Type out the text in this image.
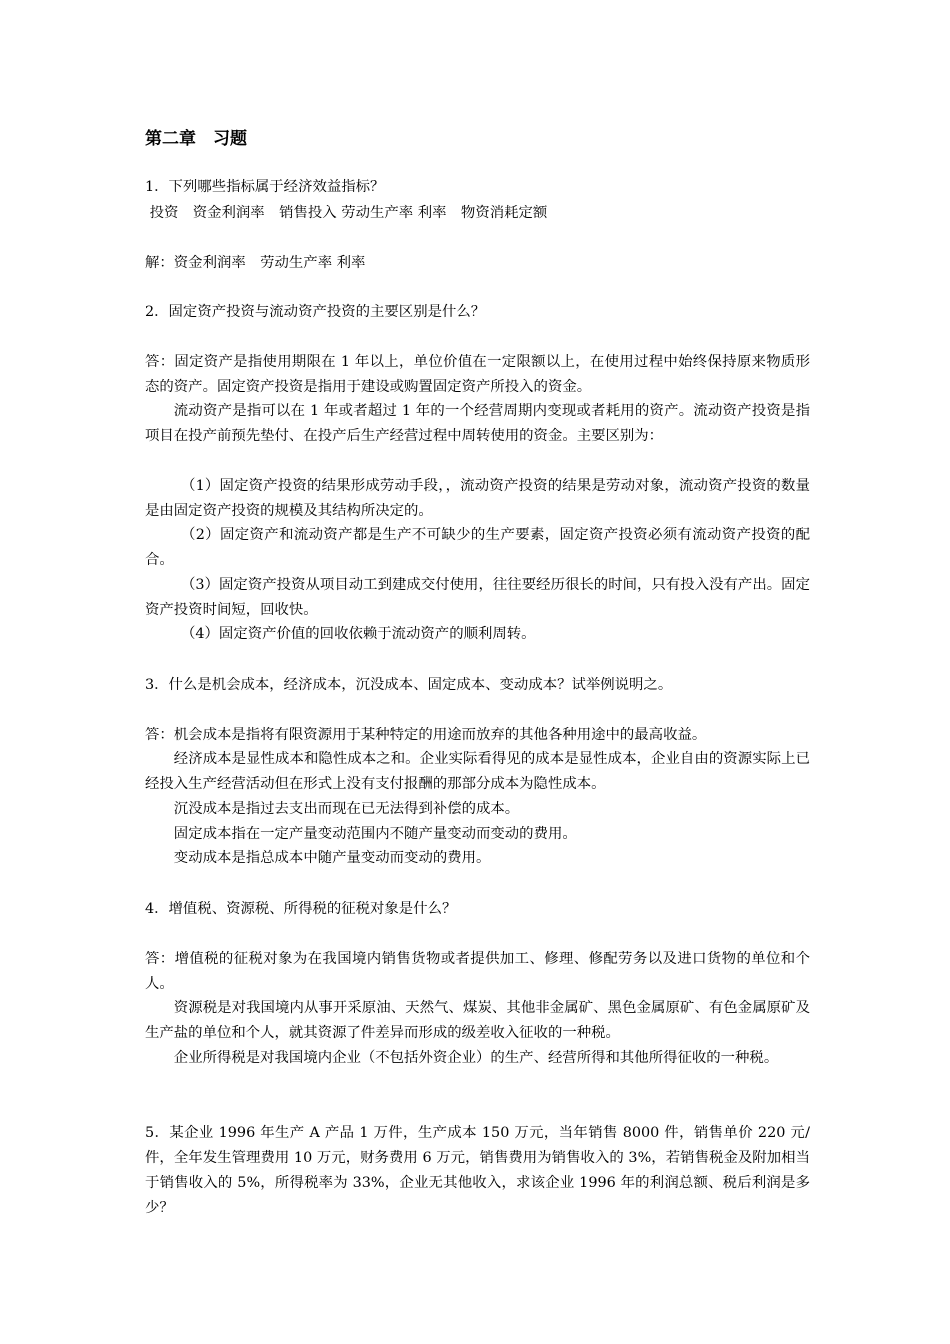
第二章　习题
1．下列哪些指标属于经济效益指标？
投资　资金利润率　销售投入 劳动生产率 利率　物资消耗定额
解：资金利润率　劳动生产率 利率
2．固定资产投资与流动资产投资的主要区别是什么？
答：固定资产是指使用期限在 1 年以上，单位价值在一定限额以上，在使用过程中始终保持原来物质形态的资产。固定资产投资是指用于建设或购置固定资产所投入的资金。
流动资产是指可以在 1 年或者超过 1 年的一个经营周期内变现或者耗用的资产。流动资产投资是指项目在投产前预先垫付、在投产后生产经营过程中周转使用的资金。主要区别为：
（1）固定资产投资的结果形成劳动手段，，流动资产投资的结果是劳动对象，流动资产投资的数量是由固定资产投资的规模及其结构所决定的。
（2）固定资产和流动资产都是生产不可缺少的生产要素，固定资产投资必须有流动资产投资的配合。
（3）固定资产投资从项目动工到建成交付使用，往往要经历很长的时间，只有投入没有产出。固定资产投资时间短，回收快。
（4）固定资产价值的回收依赖于流动资产的顺利周转。
3．什么是机会成本，经济成本，沉没成本、固定成本、变动成本？试举例说明之。
答：机会成本是指将有限资源用于某种特定的用途而放弃的其他各种用途中的最高收益。
经济成本是显性成本和隐性成本之和。企业实际看得见的成本是显性成本，企业自由的资源实际上已经投入生产经营活动但在形式上没有支付报酬的那部分成本为隐性成本。
沉没成本是指过去支出而现在已无法得到补偿的成本。
固定成本指在一定产量变动范围内不随产量变动而变动的费用。
变动成本是指总成本中随产量变动而变动的费用。
4．增值税、资源税、所得税的征税对象是什么？
答：增值税的征税对象为在我国境内销售货物或者提供加工、修理、修配劳务以及进口货物的单位和个人。
资源税是对我国境内从事开采原油、天然气、煤炭、其他非金属矿、黑色金属原矿、有色金属原矿及生产盐的单位和个人，就其资源了件差异而形成的级差收入征收的一种税。
企业所得税是对我国境内企业（不包括外资企业）的生产、经营所得和其他所得征收的一种税。
5．某企业 1996 年生产 A 产品 1 万件，生产成本 150 万元，当年销售 8000 件，销售单价 220 元/件，全年发生管理费用 10 万元，财务费用 6 万元，销售费用为销售收入的 3%，若销售税金及附加相当于销售收入的 5%，所得税率为 33%，企业无其他收入，求该企业 1996 年的利润总额、税后利润是多少？
